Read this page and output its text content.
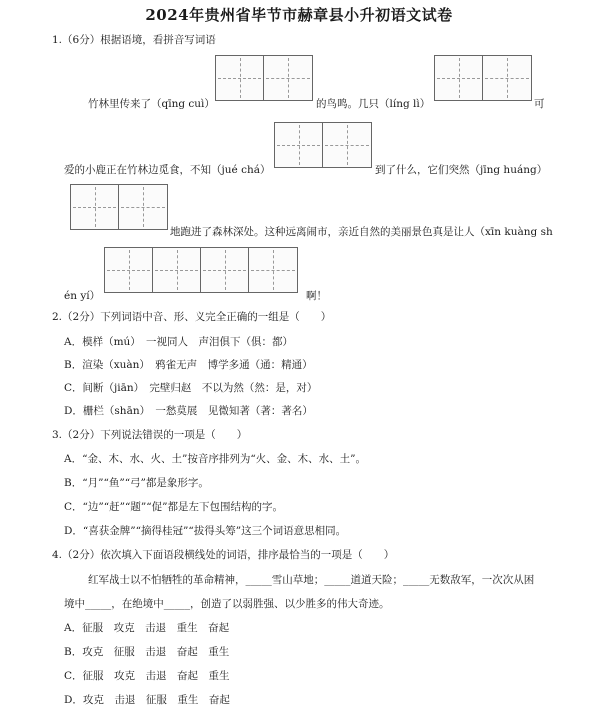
2024年贵州省毕节市赫章县小升初语文试卷
1.（6分）根据语境，看拼音写词语
竹林里传来了（qīng cuì）	的鸟鸣。几只（líng lì）	可
爱的小鹿正在竹林边觅食，不知（jué chá）	到了什么，它们突然（jīng huáng）
地跑进了森林深处。这种远离闹市，亲近自然的美丽景色真是让人（xīn kuàng sh
én yí）	啊！
2.（2分）下列词语中音、形、义完全正确的一组是（　　）
A．模样（mú）　一视同人　声泪俱下（俱：都）
B．渲染（xuàn）　鸦雀无声　博学多通（通：精通）
C．间断（jiān）　完壁归赵　不以为然（然：是，对）
D．栅栏（shān）　一愁莫展　见微知著（著：著名）
3.（2分）下列说法错误的一项是（　　）
A．“金、木、水、火、土”按音序排列为“火、金、木、水、土”。
B．“月”“鱼”“弓”都是象形字。
C．“边”“赶”“题”“促”都是左下包围结构的字。
D．“喜获金牌”“摘得桂冠”“拔得头筹”这三个词语意思相同。
4.（2分）依次填入下面语段横线处的词语，排序最恰当的一项是（　　）
红军战士以不怕牺牲的革命精神，_____雪山草地；_____道道天险；_____无数敌军，一次次从困
境中_____，在绝境中_____，创造了以弱胜强、以少胜多的伟大奇迹。
A．征服　攻克　击退　重生　奋起
B．攻克　征服　击退　奋起　重生
C．征服　攻克　击退　奋起　重生
D．攻克　击退　征服　重生　奋起
